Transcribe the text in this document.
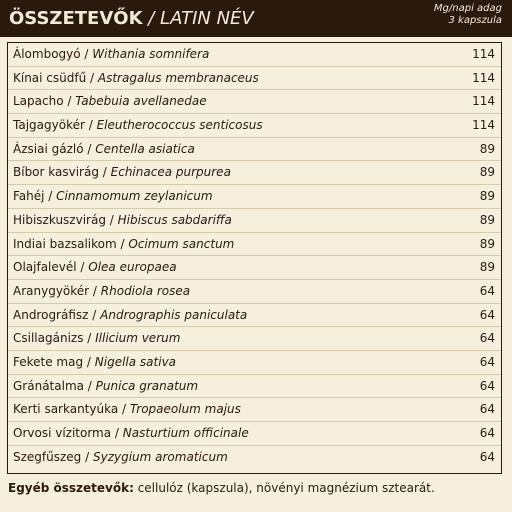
ÖSSZETEVŐK / LATIN NÉV	Mg/napi adag
3 kapszula
Álombogyó / Withania somnifera	114
Kínai csüdfű / Astragalus membranaceus	114
Lapacho / Tabebuia avellanedae	114
Tajgagyökér / Eleutherococcus senticosus	114
Ázsiai gázló / Centella asiatica	89
Bíbor kasvirág / Echinacea purpurea	89
Fahéj / Cinnamomum zeylanicum	89
Hibiszkuszvirág / Hibiscus sabdariffa	89
Indiai bazsalikom / Ocimum sanctum	89
Olajfalevél / Olea europaea	89
Aranygyökér / Rhodiola rosea	64
Andrográfisz / Andrographis paniculata	64
Csillagánizs / Illicium verum	64
Fekete mag / Nigella sativa	64
Gránátalma / Punica granatum	64
Kerti sarkantyúka / Tropaeolum majus	64
Orvosi vízitorma / Nasturtium officinale	64
Szegfűszeg / Syzygium aromaticum	64
Egyéb összetevők: cellulóz (kapszula), növényi magnézium sztearát.
